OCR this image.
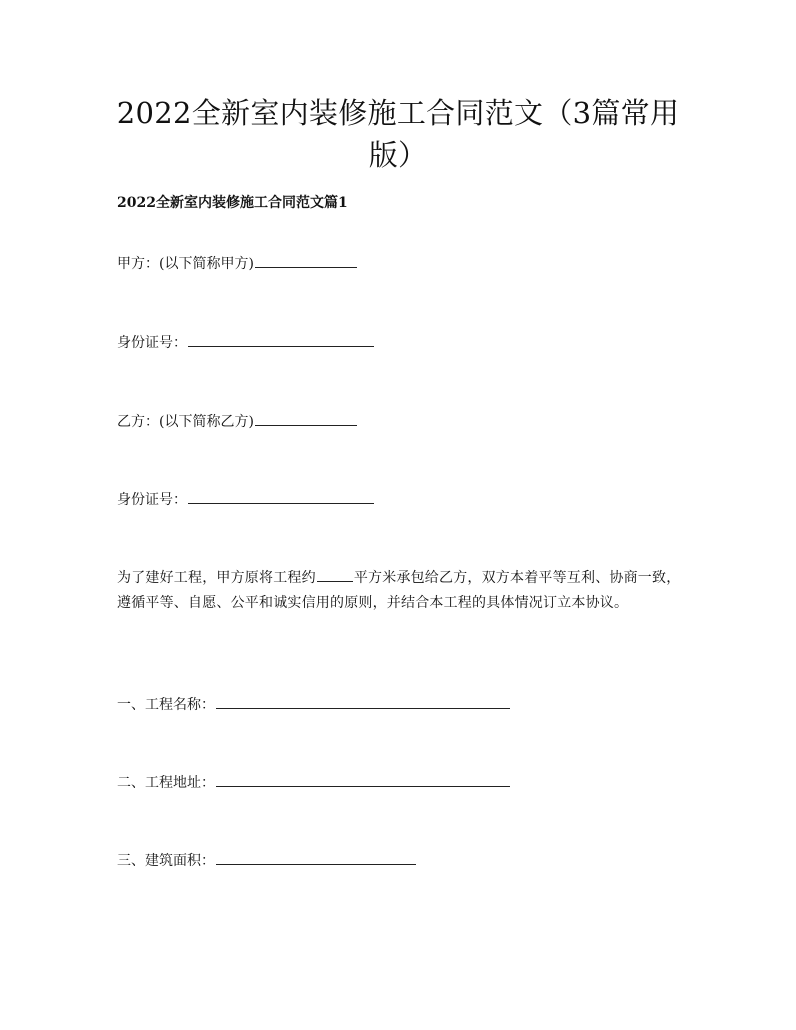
2022全新室内装修施工合同范文（3篇常用版）
2022全新室内装修施工合同范文篇1
甲方：(以下简称甲方)
身份证号：
乙方：(以下简称乙方)
身份证号：
为了建好工程，甲方原将工程约	平方米承包给乙方，双方本着平等互利、协商一致，遵循平等、自愿、公平和诚实信用的原则，并结合本工程的具体情况订立本协议。
一、工程名称：
二、工程地址：
三、建筑面积：
